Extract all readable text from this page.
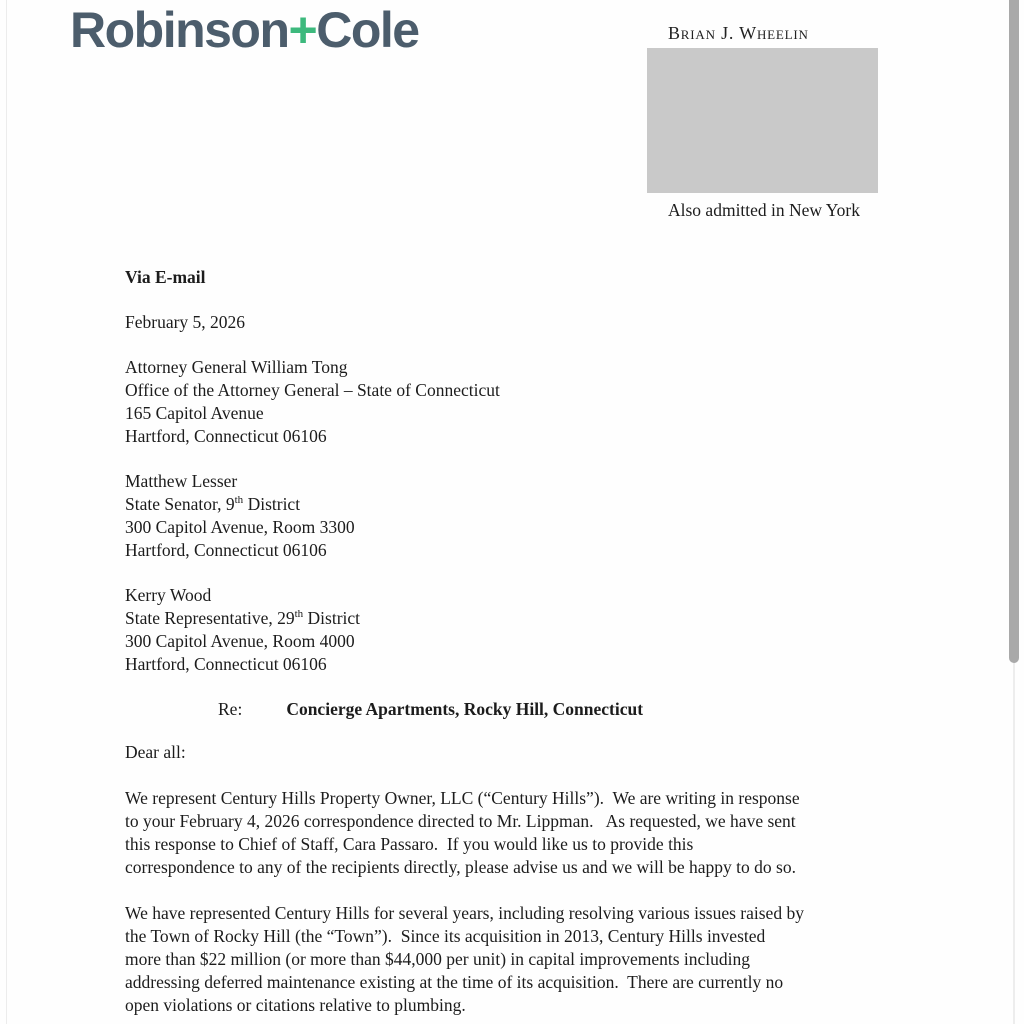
Robinson+Cole	Brian J. Wheelin
Also admitted in New York

Via E-mail

February 5, 2026

Attorney General William Tong
Office of the Attorney General – State of Connecticut
165 Capitol Avenue
Hartford, Connecticut 06106
Matthew Lesser
State Senator, 9th District
300 Capitol Avenue, Room 3300
Hartford, Connecticut 06106
Kerry Wood
State Representative, 29th District
300 Capitol Avenue, Room 4000
Hartford, Connecticut 06106
Re:	Concierge Apartments, Rocky Hill, Connecticut

Dear all:

We represent Century Hills Property Owner, LLC (“Century Hills”).  We are writing in response
to your February 4, 2026 correspondence directed to Mr. Lippman.   As requested, we have sent
this response to Chief of Staff, Cara Passaro.  If you would like us to provide this
correspondence to any of the recipients directly, please advise us and we will be happy to do so.
We have represented Century Hills for several years, including resolving various issues raised by
the Town of Rocky Hill (the “Town”).  Since its acquisition in 2013, Century Hills invested
more than $22 million (or more than $44,000 per unit) in capital improvements including
addressing deferred maintenance existing at the time of its acquisition.  There are currently no
open violations or citations relative to plumbing.
